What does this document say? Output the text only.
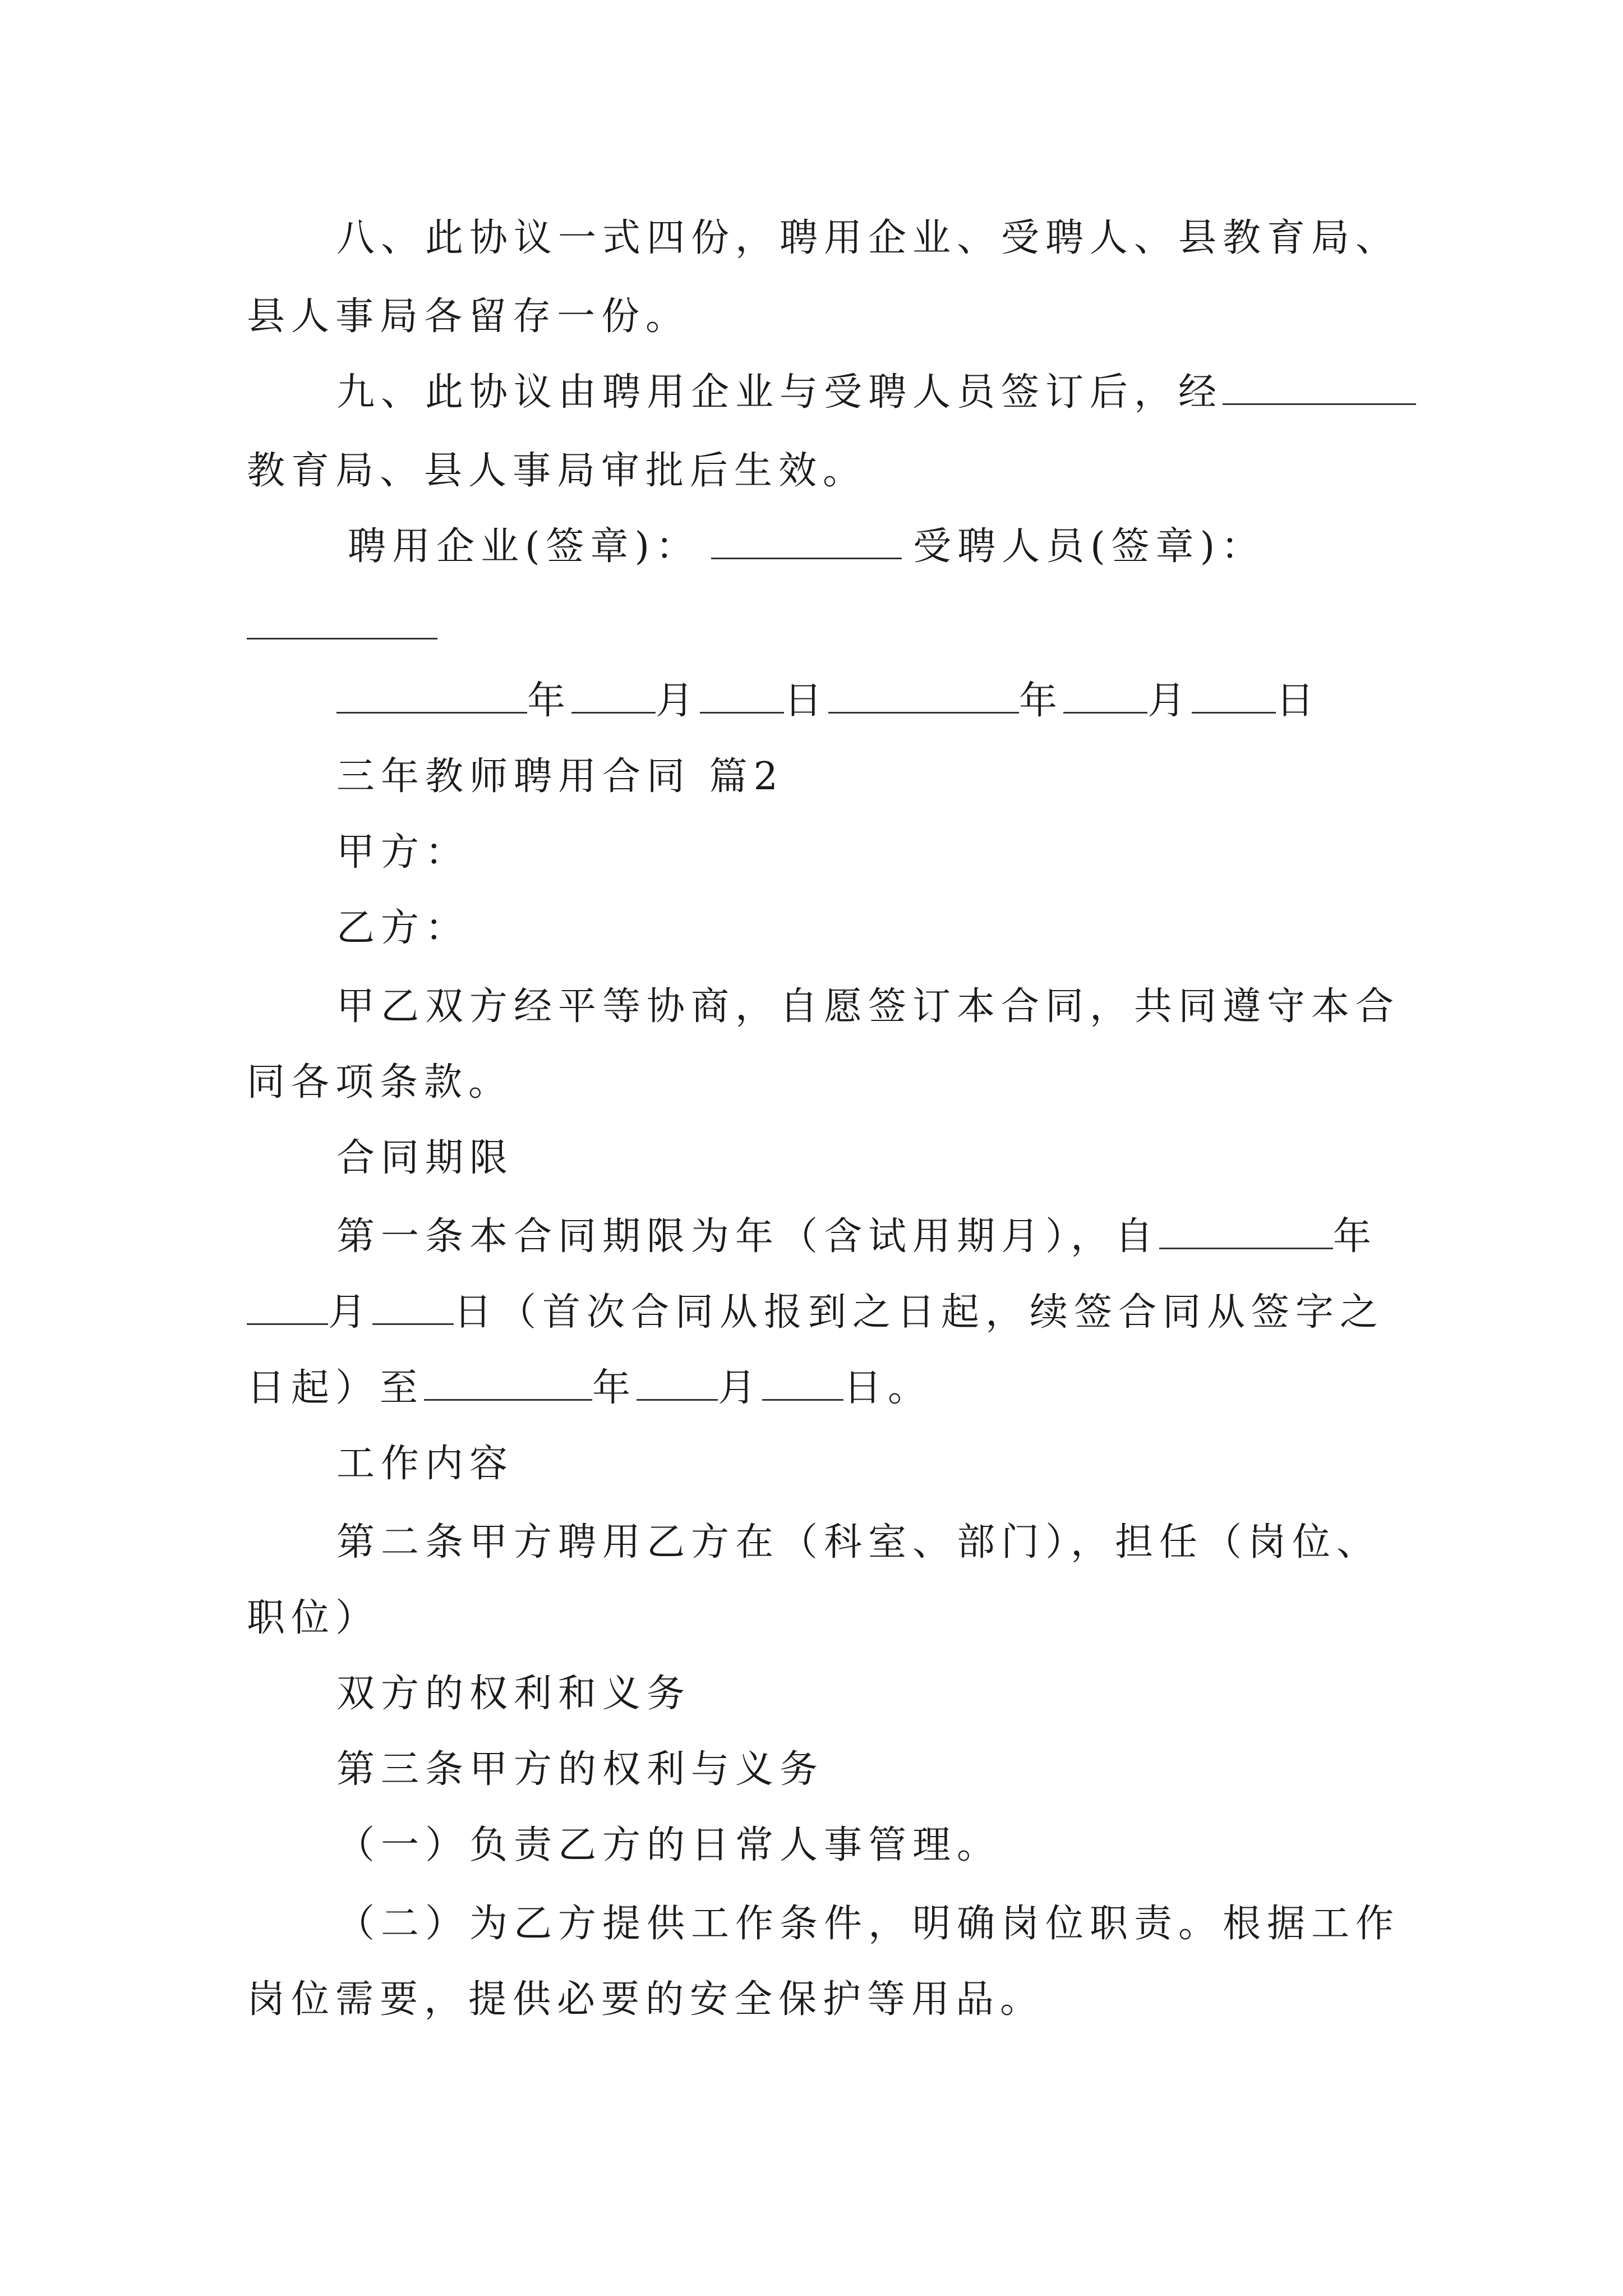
八、此协议一式四份，聘用企业、受聘人、县教育局、
县人事局各留存一份。
九、此协议由聘用企业与受聘人员签订后，经
教育局、县人事局审批后生效。
聘用企业(签章)：	受聘人员(签章)：
年 月 日	年 月 日
三年教师聘用合同 篇2
甲方：
乙方：
甲乙双方经平等协商，自愿签订本合同，共同遵守本合
同各项条款。
合同期限
第一条本合同期限为年（含试用期月），自	年
月 日（首次合同从报到之日起，续签合同从签字之
日起）至	年 月 日。
工作内容
第二条甲方聘用乙方在（科室、部门），担任（岗位、
职位）
双方的权利和义务
第三条甲方的权利与义务
（一）负责乙方的日常人事管理。
（二）为乙方提供工作条件，明确岗位职责。根据工作
岗位需要，提供必要的安全保护等用品。
